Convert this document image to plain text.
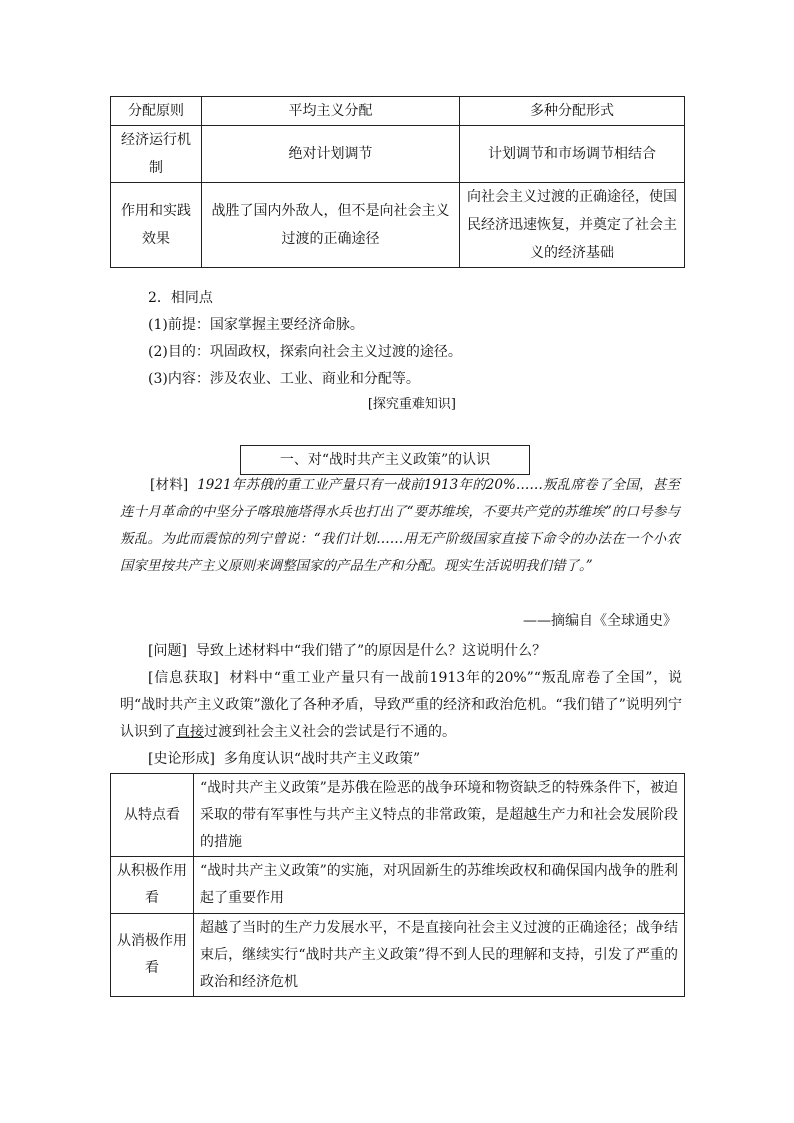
分配原则	平均主义分配	多种分配形式
经济运行机制	绝对计划调节	计划调节和市场调节相结合
作用和实践效果	战胜了国内外敌人，但不是向社会主义过渡的正确途径	向社会主义过渡的正确途径，使国民经济迅速恢复，并奠定了社会主义的经济基础
2．相同点
(1)前提：国家掌握主要经济命脉。
(2)目的：巩固政权，探索向社会主义过渡的途径。
(3)内容：涉及农业、工业、商业和分配等。
[探究重难知识]
一、对“战时共产主义政策”的认识
[材料] 1921年苏俄的重工业产量只有一战前1913年的20%……叛乱席卷了全国，甚至连十月革命的中坚分子喀琅施塔得水兵也打出了“要苏维埃，不要共产党的苏维埃”的口号参与叛乱。为此而震惊的列宁曾说：“我们计划……用无产阶级国家直接下命令的办法在一个小农国家里按共产主义原则来调整国家的产品生产和分配。现实生活说明我们错了。”
——摘编自《全球通史》
[问题] 导致上述材料中“我们错了”的原因是什么？这说明什么？
[信息获取] 材料中“重工业产量只有一战前1913年的20%”“叛乱席卷了全国”，说明“战时共产主义政策”激化了各种矛盾，导致严重的经济和政治危机。“我们错了”说明列宁认识到了直接过渡到社会主义社会的尝试是行不通的。
[史论形成] 多角度认识“战时共产主义政策”
从特点看	“战时共产主义政策”是苏俄在险恶的战争环境和物资缺乏的特殊条件下，被迫采取的带有军事性与共产主义特点的非常政策，是超越生产力和社会发展阶段的措施
从积极作用看	“战时共产主义政策”的实施，对巩固新生的苏维埃政权和确保国内战争的胜利起了重要作用
从消极作用看	超越了当时的生产力发展水平，不是直接向社会主义过渡的正确途径；战争结束后，继续实行“战时共产主义政策”得不到人民的理解和支持，引发了严重的政治和经济危机
